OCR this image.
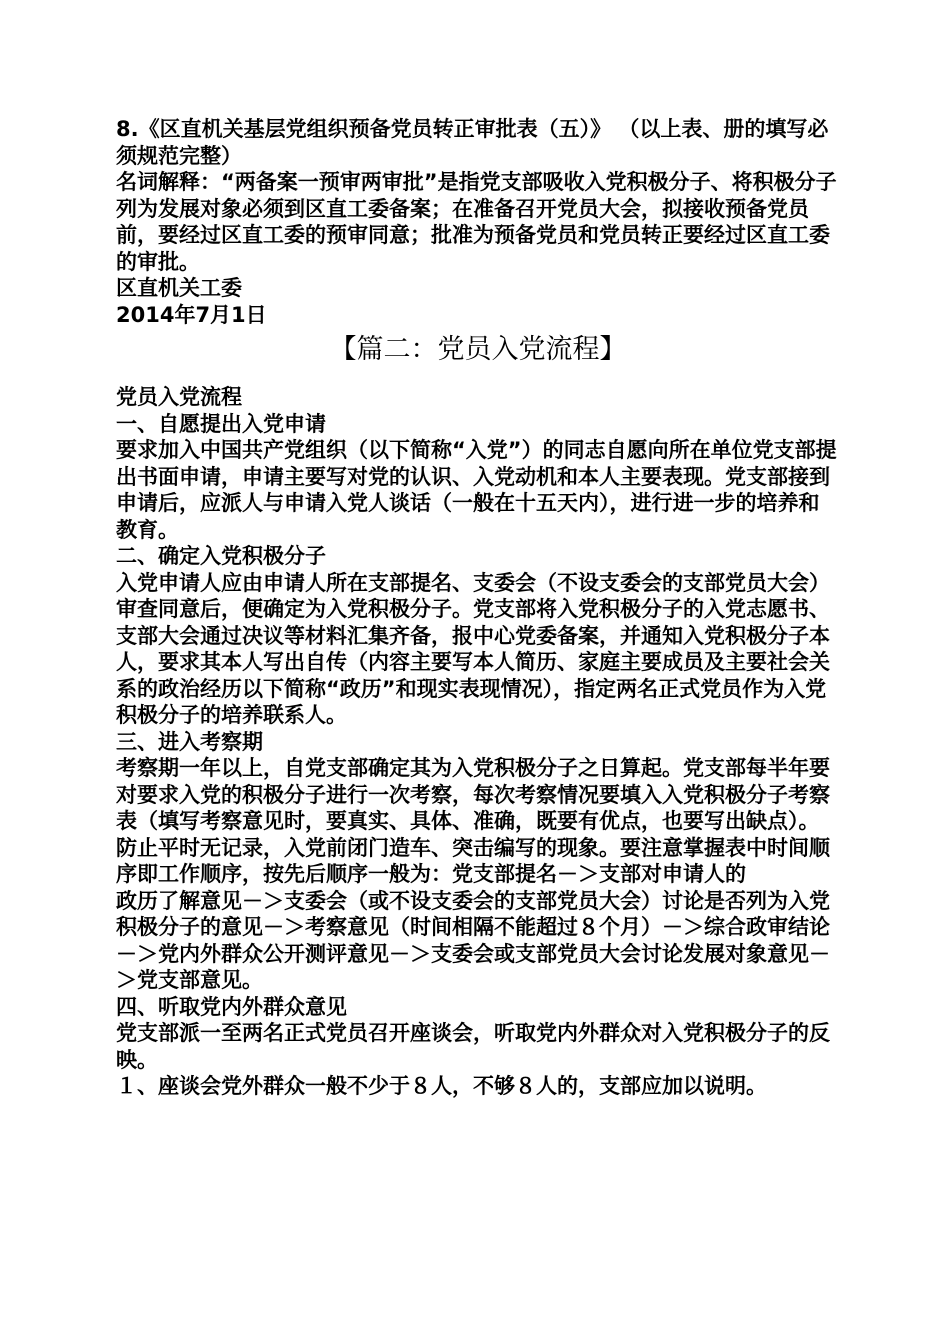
8.《区直机关基层党组织预备党员转正审批表（五）》 （以上表、册的填写必须规范完整）

名词解释：“两备案一预审两审批”是指党支部吸收入党积极分子、将积极分子列为发展对象必须到区直工委备案；在准备召开党员大会，拟接收预备党员前，要经过区直工委的预审同意；批准为预备党员和党员转正要经过区直工委的审批。

区直机关工委

2014年7月1日

【篇二：党员入党流程】

党员入党流程

一、自愿提出入党申请

要求加入中国共产党组织（以下简称“入党”）的同志自愿向所在单位党支部提出书面申请，申请主要写对党的认识、入党动机和本人主要表现。党支部接到申请后，应派人与申请入党人谈话（一般在十五天内），进行进一步的培养和教育。

二、确定入党积极分子

入党申请人应由申请人所在支部提名、支委会（不设支委会的支部党员大会）审查同意后，便确定为入党积极分子。党支部将入党积极分子的入党志愿书、支部大会通过决议等材料汇集齐备，报中心党委备案，并通知入党积极分子本人，要求其本人写出自传（内容主要写本人简历、家庭主要成员及主要社会关系的政治经历以下简称“政历”和现实表现情况），指定两名正式党员作为入党积极分子的培养联系人。

三、进入考察期

考察期一年以上，自党支部确定其为入党积极分子之日算起。党支部每半年要对要求入党的积极分子进行一次考察，每次考察情况要填入入党积极分子考察表（填写考察意见时，要真实、具体、准确，既要有优点，也要写出缺点）。防止平时无记录，入党前闭门造车、突击编写的现象。要注意掌握表中时间顺序即工作顺序，按先后顺序一般为：党支部提名－＞支部对申请人的

政历了解意见－＞支委会（或不设支委会的支部党员大会）讨论是否列为入党积极分子的意见－＞考察意见（时间相隔不能超过８个月）－＞综合政审结论－＞党内外群众公开测评意见－＞支委会或支部党员大会讨论发展对象意见－＞党支部意见。

四、听取党内外群众意见

党支部派一至两名正式党员召开座谈会，听取党内外群众对入党积极分子的反映。

１、座谈会党外群众一般不少于８人，不够８人的，支部应加以说明。
